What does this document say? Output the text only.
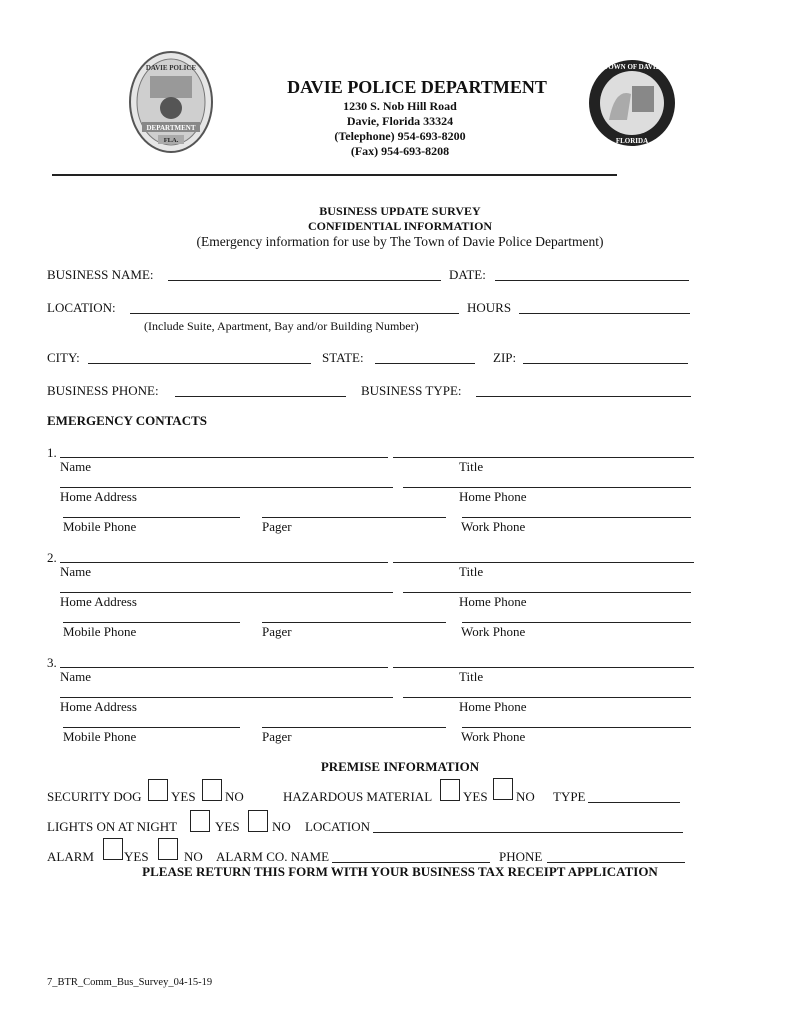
DAVIE POLICE
DEPARTMENT
FLA.
TOWN OF DAVIE
FLORIDA
DAVIE POLICE DEPARTMENT
1230 S. Nob Hill Road
Davie, Florida 33324
(Telephone) 954-693-8200
(Fax) 954-693-8208
BUSINESS UPDATE SURVEY
CONFIDENTIAL INFORMATION
(Emergency information for use by The Town of Davie Police Department)
BUSINESS NAME:	DATE:
LOCATION:	HOURS
(Include Suite, Apartment, Bay and/or Building Number)
CITY:	STATE:	ZIP:
BUSINESS PHONE:	BUSINESS TYPE:
EMERGENCY CONTACTS
1.
Name	Title
Home Address	Home Phone
Mobile Phone	Pager	Work Phone
2.
Name	Title
Home Address	Home Phone
Mobile Phone	Pager	Work Phone
3.
Name	Title
Home Address	Home Phone
Mobile Phone	Pager	Work Phone
PREMISE INFORMATION
SECURITY DOG YES NO	HAZARDOUS MATERIAL YES NO TYPE
LIGHTS ON AT NIGHT	YES NO LOCATION
ALARM YES	NO ALARM CO. NAME	PHONE
PLEASE RETURN THIS FORM WITH YOUR BUSINESS TAX RECEIPT APPLICATION
7_BTR_Comm_Bus_Survey_04-15-19
